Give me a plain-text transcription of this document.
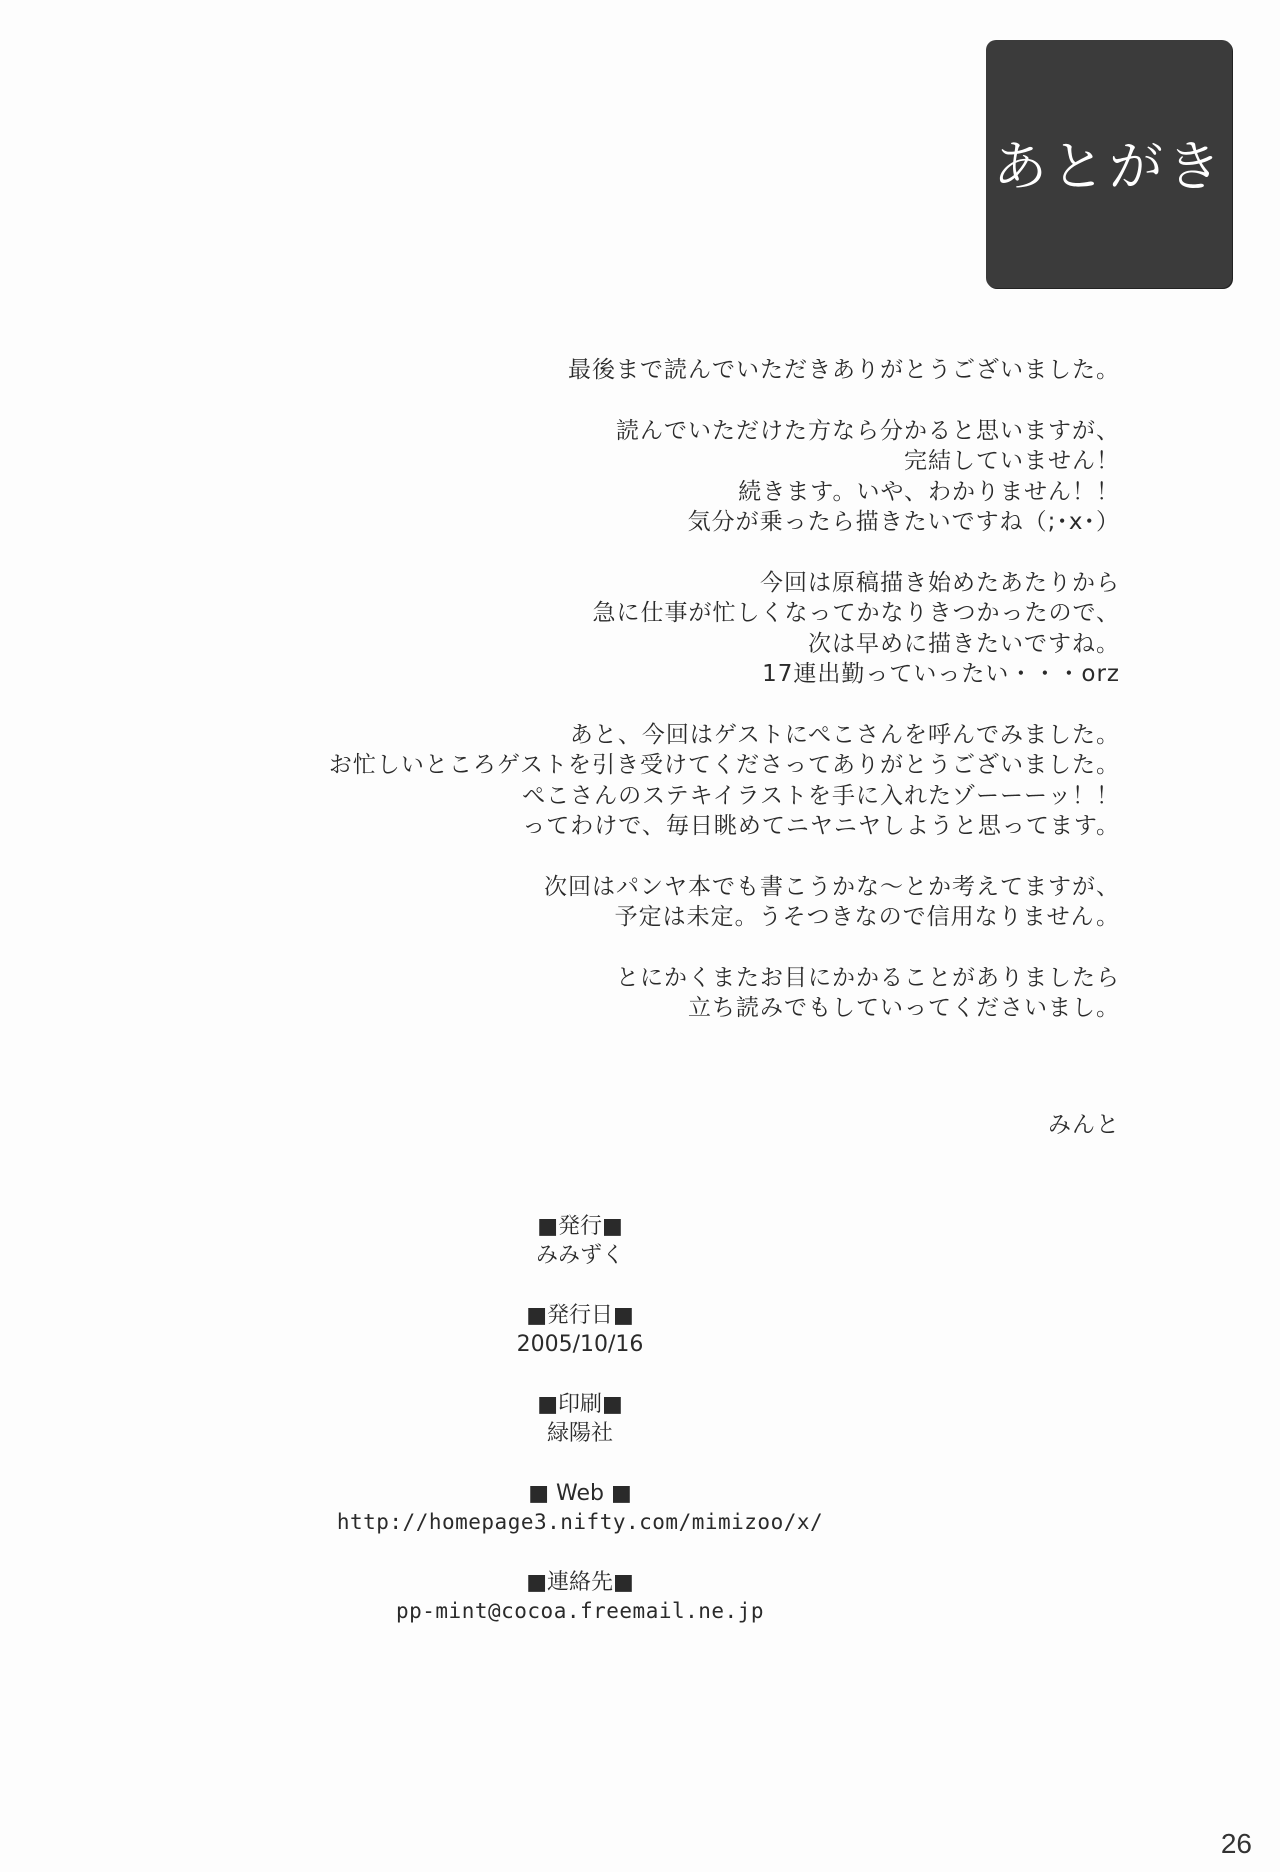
あとがき

最後まで読んでいただきありがとうございました。

読んでいただけた方なら分かると思いますが、
完結していません！
続きます。いや、わかりません！！
気分が乗ったら描きたいですね（;･x･）

今回は原稿描き始めたあたりから
急に仕事が忙しくなってかなりきつかったので、
次は早めに描きたいですね。
17連出勤っていったい・・・orz

あと、今回はゲストにぺこさんを呼んでみました。
お忙しいところゲストを引き受けてくださってありがとうございました。
ぺこさんのステキイラストを手に入れたゾーーーッ！！
ってわけで、毎日眺めてニヤニヤしようと思ってます。

次回はパンヤ本でも書こうかな～とか考えてますが、
予定は未定。うそつきなので信用なりません。

とにかくまたお目にかかることがありましたら
立ち読みでもしていってくださいまし。

みんと
■発行■
みみずく
■発行日■
2005/10/16
■印刷■
緑陽社
■ Web ■
http://homepage3.nifty.com/mimizoo/x/
■連絡先■
pp-mint@cocoa.freemail.ne.jp
26
